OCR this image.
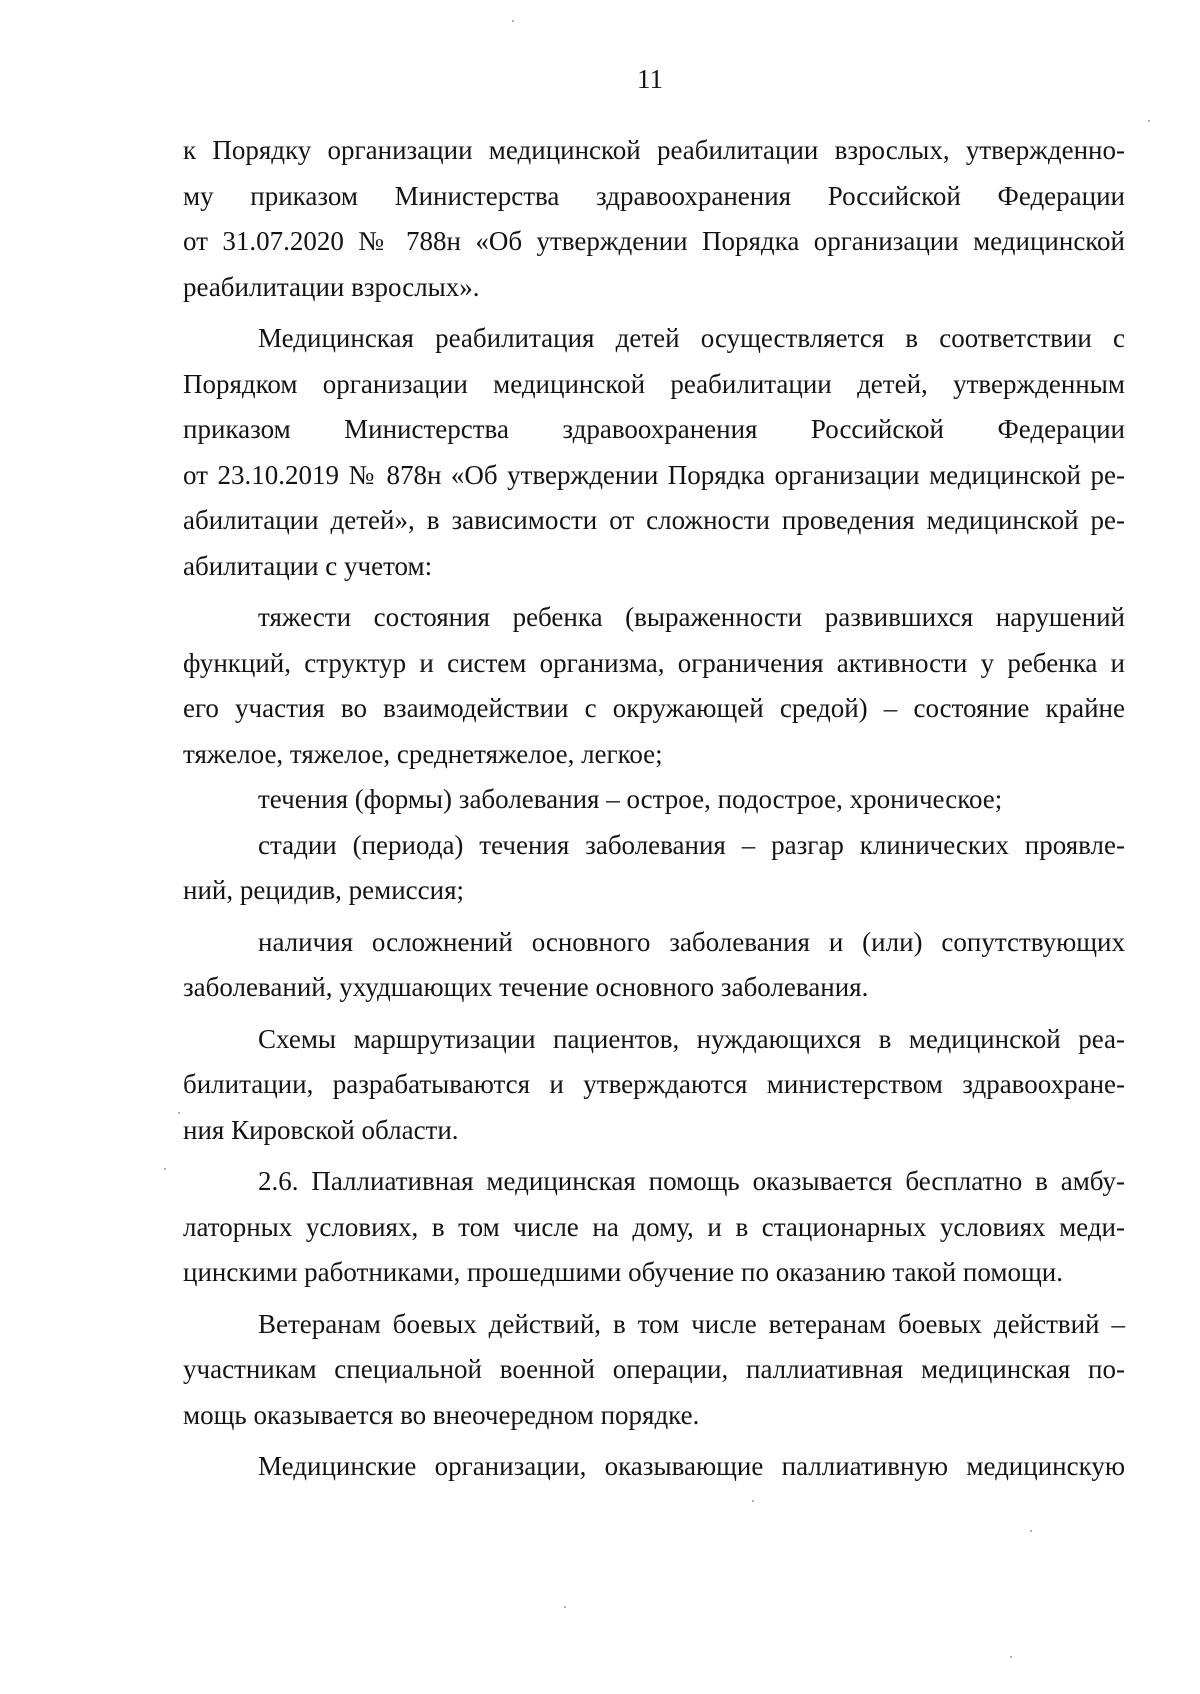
11

к Порядку организации медицинской реабилитации взрослых, утвержденно-
му приказом Министерства здравоохранения Российской Федерации
от 31.07.2020 № 788н «Об утверждении Порядка организации медицинской
реабилитации взрослых».

Медицинская реабилитация детей осуществляется в соответствии с
Порядком организации медицинской реабилитации детей, утвержденным
приказом Министерства здравоохранения Российской Федерации
от 23.10.2019 № 878н «Об утверждении Порядка организации медицинской ре-
абилитации детей», в зависимости от сложности проведения медицинской ре-
абилитации с учетом:

тяжести состояния ребенка (выраженности развившихся нарушений
функций, структур и систем организма, ограничения активности у ребенка и
его участия во взаимодействии с окружающей средой) – состояние крайне
тяжелое, тяжелое, среднетяжелое, легкое;

течения (формы) заболевания – острое, подострое, хроническое;

стадии (периода) течения заболевания – разгар клинических проявле-
ний, рецидив, ремиссия;

наличия осложнений основного заболевания и (или) сопутствующих
заболеваний, ухудшающих течение основного заболевания.

Схемы маршрутизации пациентов, нуждающихся в медицинской реа-
билитации, разрабатываются и утверждаются министерством здравоохране-
ния Кировской области.

2.6. Паллиативная медицинская помощь оказывается бесплатно в амбу-
латорных условиях, в том числе на дому, и в стационарных условиях меди-
цинскими работниками, прошедшими обучение по оказанию такой помощи.

Ветеранам боевых действий, в том числе ветеранам боевых действий –
участникам специальной военной операции, паллиативная медицинская по-
мощь оказывается во внеочередном порядке.

Медицинские организации, оказывающие паллиативную медицинскую
